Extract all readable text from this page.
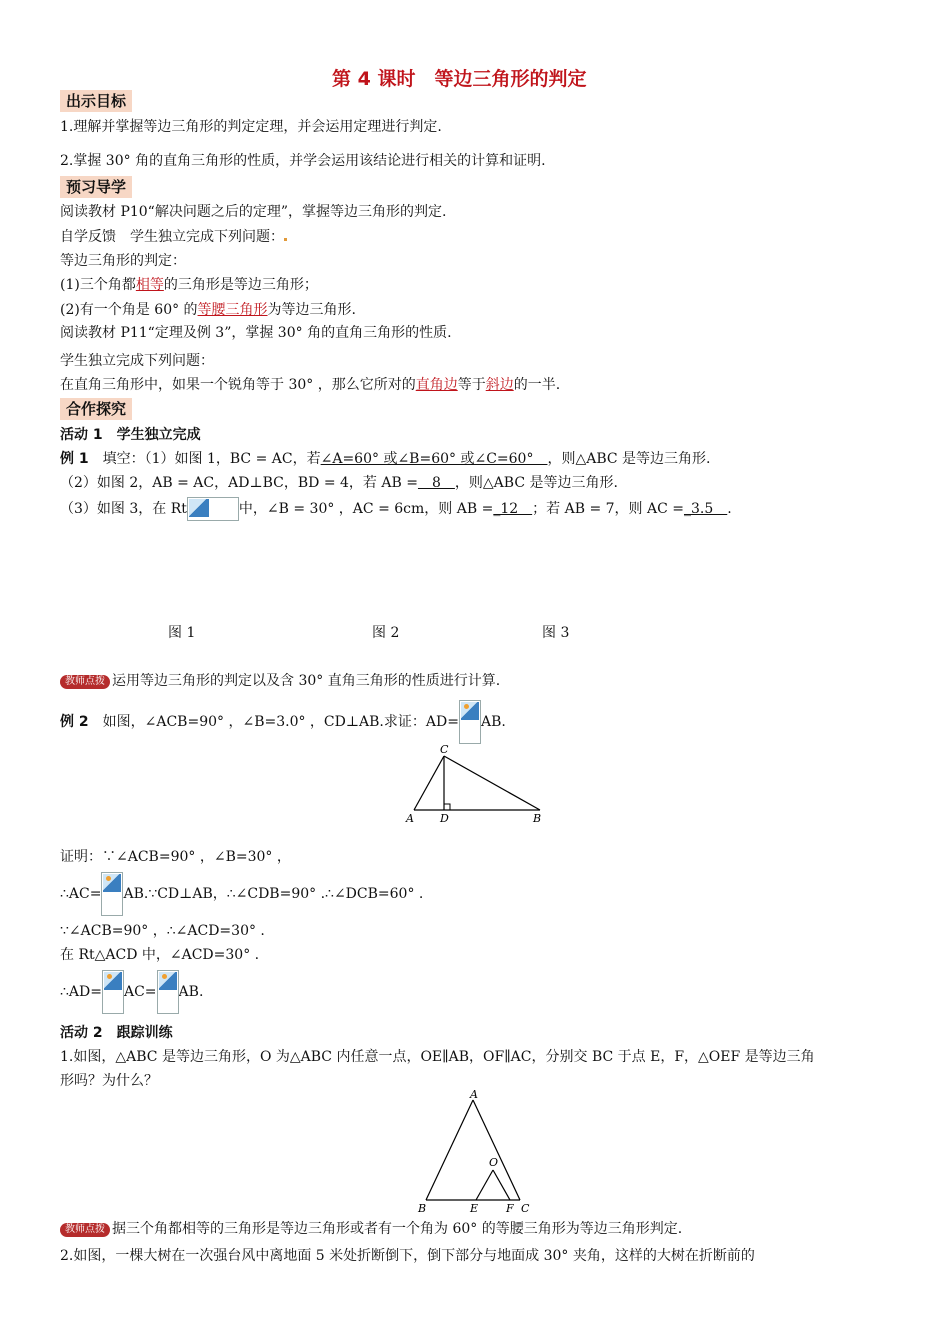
第 4 课时　等边三角形的判定
出示目标
1.理解并掌握等边三角形的判定定理，并会运用定理进行判定.
2.掌握 30° 角的直角三角形的性质，并学会运用该结论进行相关的计算和证明.
预习导学
阅读教材 P10“解决问题之后的定理”，掌握等边三角形的判定.
自学反馈　学生独立完成下列问题：
等边三角形的判定：
(1)三个角都相等的三角形是等边三角形；
(2)有一个角是 60° 的等腰三角形为等边三角形.
阅读教材 P11“定理及例 3”，掌握 30° 角的直角三角形的性质.
学生独立完成下列问题：
在直角三角形中，如果一个锐角等于 30° ，那么它所对的直角边等于斜边的一半.
合作探究
活动 1　学生独立完成
例 1　填空：（1）如图 1，BC = AC，若∠A=60° 或∠B=60° 或∠C=60°　，则△ABC 是等边三角形.
（2）如图 2，AB = AC，AD⊥BC，BD = 4，若 AB =　8　，则△ABC 是等边三角形.
（3）如图 3，在 Rt	中，∠B = 30° ，AC = 6cm，则 AB =_12　；若 AB = 7，则 AC =_3.5　.
图 1	图 2	图 3
教师点拨 运用等边三角形的判定以及含 30° 直角三角形的性质进行计算.
例 2　如图，∠ACB=90° ，∠B=3.0° ，CD⊥AB.求证：AD= AB.
C
A D	B
证明：∵∠ACB=90° ，∠B=30° ，
∴AC= AB.∵CD⊥AB，∴∠CDB=90° .∴∠DCB=60° .
∵∠ACB=90° ，∴∠ACD=30° .
在 Rt△ACD 中，∠ACD=30° .
∴AD= AC= AB.
活动 2　跟踪训练
1.如图，△ABC 是等边三角形，O 为△ABC 内任意一点，OE∥AB，OF∥AC，分别交 BC 于点 E，F，△OEF 是等边三角
形吗？为什么？
A
O
B	E	F C
教师点拨 据三个角都相等的三角形是等边三角形或者有一个角为 60° 的等腰三角形为等边三角形判定.
2.如图，一棵大树在一次强台风中离地面 5 米处折断倒下，倒下部分与地面成 30° 夹角，这样的大树在折断前的
